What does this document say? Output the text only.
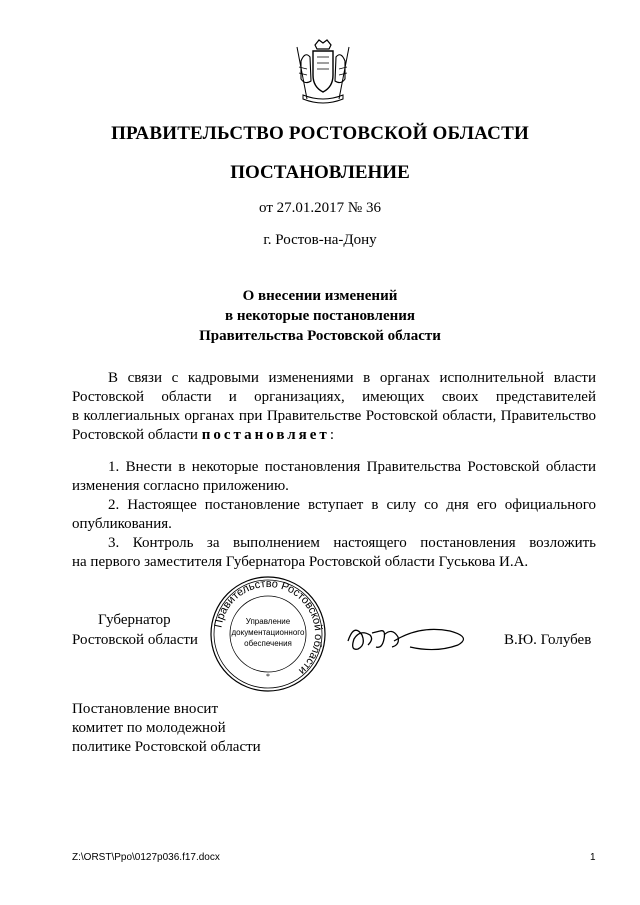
ПРАВИТЕЛЬСТВО РОСТОВСКОЙ ОБЛАСТИ
ПОСТАНОВЛЕНИЕ
от 27.01.2017 № 36
г. Ростов-на-Дону
О внесении изменений
в некоторые постановления
Правительства Ростовской области
В связи с кадровыми изменениями в органах исполнительной власти
Ростовской области и организациях, имеющих своих представителей
в коллегиальных органах при Правительстве Ростовской области, Правительство
Ростовской области постановляет:
1. Внести в некоторые постановления Правительства Ростовской области
изменения согласно приложению.
2. Настоящее постановление вступает в силу со дня его официального
опубликования.
3. Контроль за выполнением настоящего постановления возложить
на первого заместителя Губернатора Ростовской области Гуськова И.А.
Губернатор
Ростовской области	В.Ю. Голубев
Правительство Ростовской области
Управление
документационного
обеспечения
*
Постановление вносит
комитет по молодежной
политике Ростовской области
Z:\ORST\Ppo\0127p036.f17.docx	1
